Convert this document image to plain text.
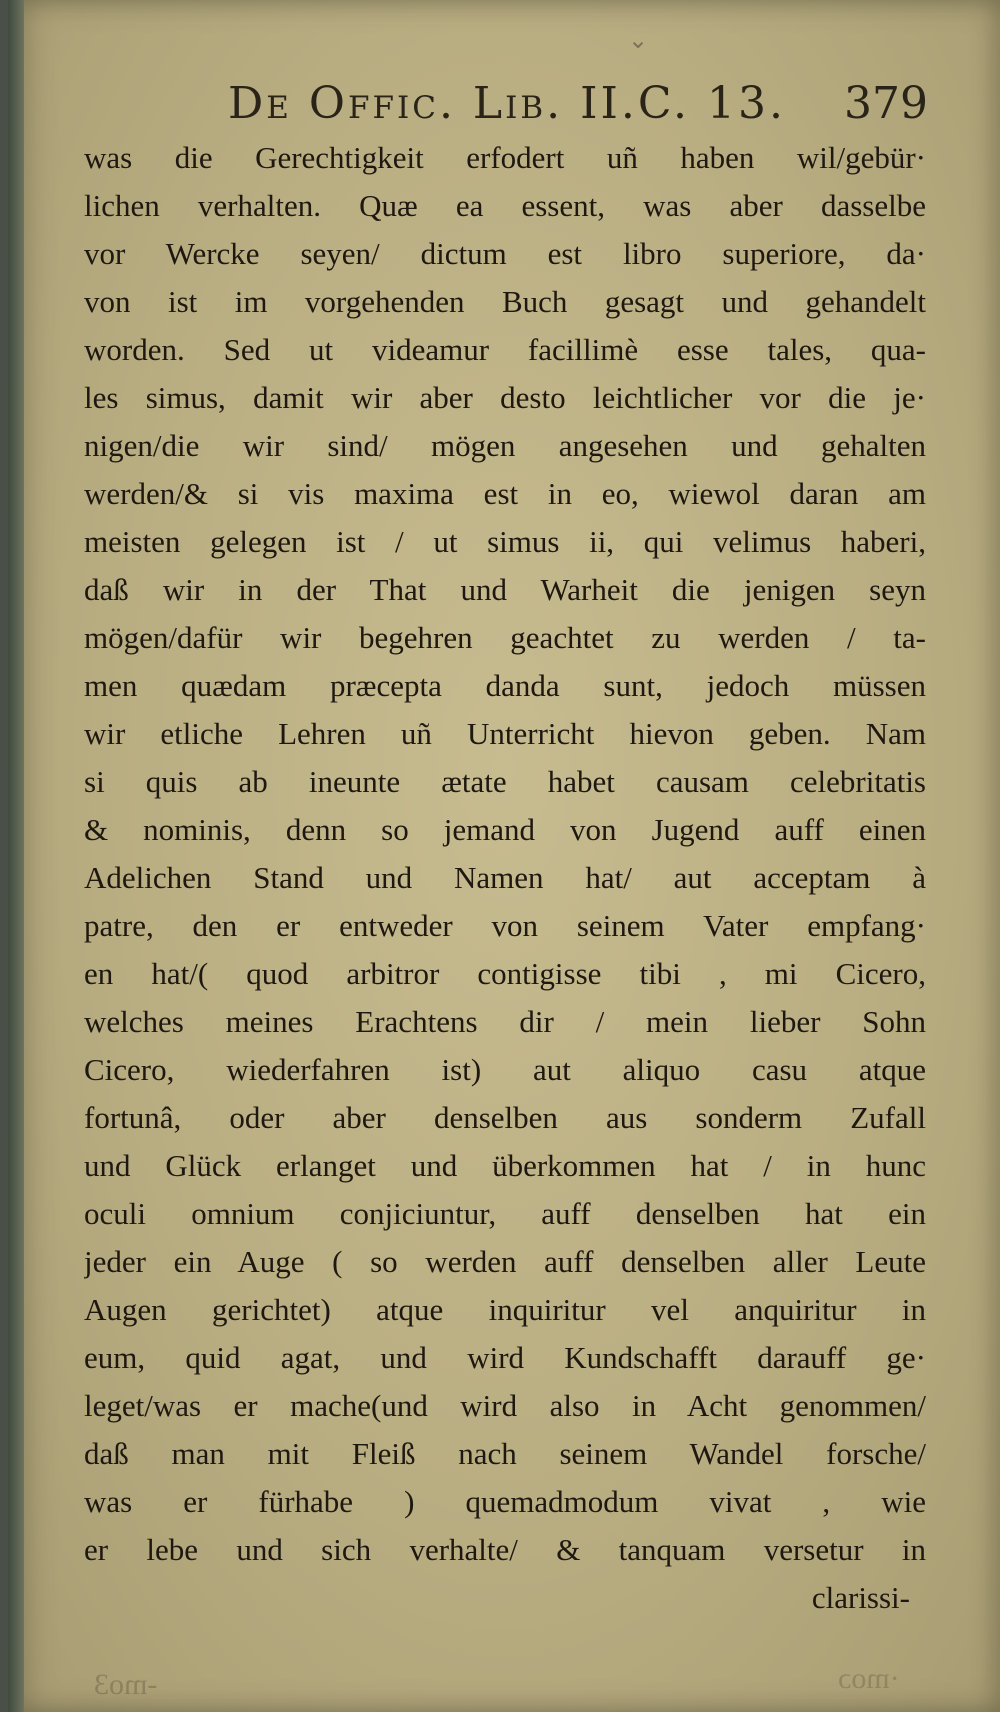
⌄
De Offic. Lib. II.C. 13. 379
was die Gerechtigkeit erfodert uñ haben wil/gebür·
lichen verhalten. Quæ ea essent, was aber dasselbe
vor Wercke seyen/ dictum est libro superiore, da·
von ist im vorgehenden Buch gesagt und gehandelt
worden. Sed ut videamur facillimè esse tales, qua-
les simus, damit wir aber desto leichtlicher vor die je·
nigen/die wir sind/ mögen angesehen und gehalten
werden/& si vis maxima est in eo, wiewol daran am
meisten gelegen ist / ut simus ii, qui velimus haberi,
daß wir in der That und Warheit die jenigen seyn
mögen/dafür wir begehren geachtet zu werden / ta-
men quædam præcepta danda sunt, jedoch müssen
wir etliche Lehren uñ Unterricht hievon geben. Nam
si quis ab ineunte ætate habet causam celebritatis
& nominis, denn so jemand von Jugend auff einen
Adelichen Stand und Namen hat/ aut acceptam à
patre, den er entweder von seinem Vater empfang·
en hat/( quod arbitror contigisse tibi , mi Cicero,
welches meines Erachtens dir / mein lieber Sohn
Cicero, wiederfahren ist) aut aliquo casu atque
fortunâ, oder aber denselben aus sonderm Zufall
und Glück erlanget und überkommen hat / in hunc
oculi omnium conjiciuntur, auff denselben hat ein
jeder ein Auge ( so werden auff denselben aller Leute
Augen gerichtet) atque inquiritur vel anquiritur in
eum, quid agat, und wird Kundschafft darauff ge·
leget/was er mache(und wird also in Acht genommen/
daß man mit Fleiß nach seinem Wandel forsche/
was er fürhabe ) quemadmodum vivat , wie
er lebe und sich verhalte/ & tanquam versetur in
clarissi-
-mo3	·moɔ
